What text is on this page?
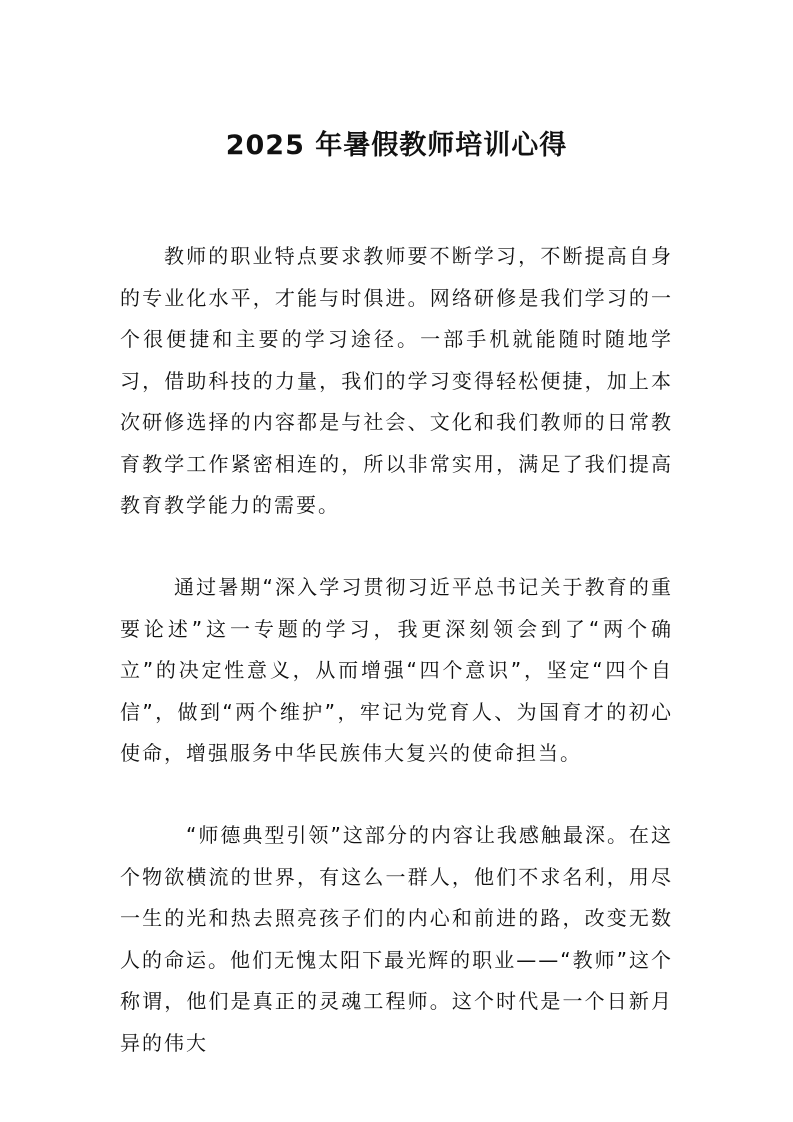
2025 年暑假教师培训心得

教师的职业特点要求教师要不断学习，不断提高自身的专业化水平，才能与时俱进。网络研修是我们学习的一个很便捷和主要的学习途径。一部手机就能随时随地学习，借助科技的力量，我们的学习变得轻松便捷，加上本次研修选择的内容都是与社会、文化和我们教师的日常教育教学工作紧密相连的，所以非常实用，满足了我们提高教育教学能力的需要。

通过暑期“深入学习贯彻习近平总书记关于教育的重要论述”这一专题的学习，我更深刻领会到了“两个确立”的决定性意义，从而增强“四个意识”，坚定“四个自信”，做到“两个维护”，牢记为党育人、为国育才的初心使命，增强服务中华民族伟大复兴的使命担当。

“师德典型引领”这部分的内容让我感触最深。在这个物欲横流的世界，有这么一群人，他们不求名利，用尽一生的光和热去照亮孩子们的内心和前进的路，改变无数人的命运。他们无愧太阳下最光辉的职业——“教师”这个称谓，他们是真正的灵魂工程师。这个时代是一个日新月异的伟大
